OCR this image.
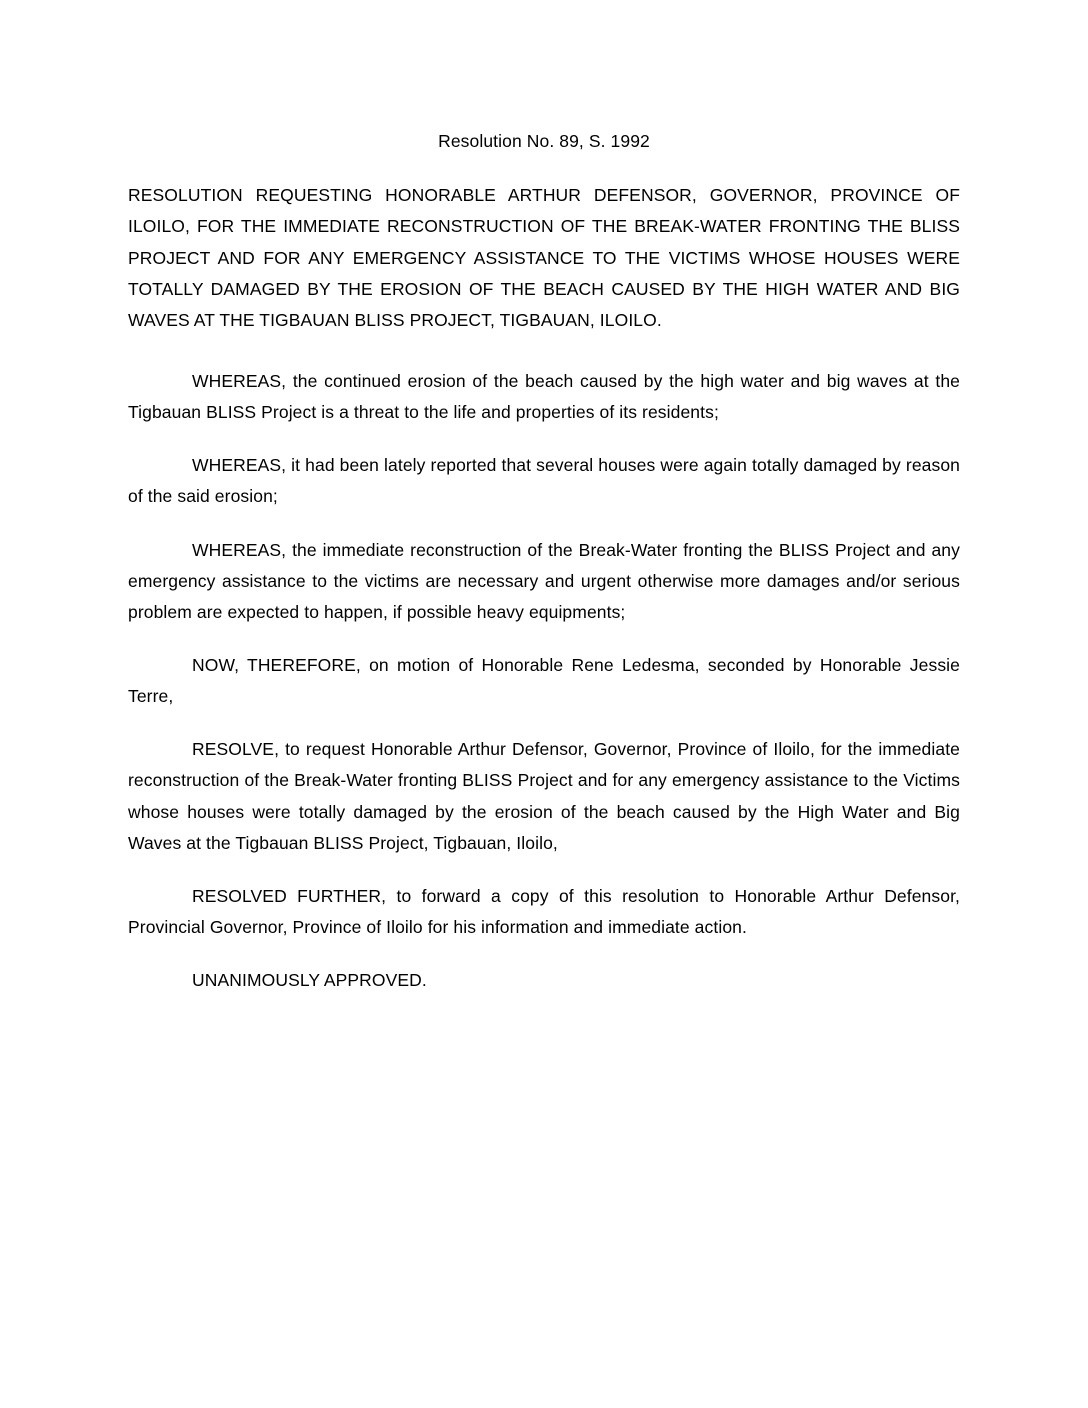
Resolution No. 89, S. 1992
RESOLUTION REQUESTING HONORABLE ARTHUR DEFENSOR, GOVERNOR, PROVINCE OF ILOILO, FOR THE IMMEDIATE RECONSTRUCTION OF THE BREAK-WATER FRONTING THE BLISS PROJECT AND FOR ANY EMERGENCY ASSISTANCE TO THE VICTIMS WHOSE HOUSES WERE TOTALLY DAMAGED BY THE EROSION OF THE BEACH CAUSED BY THE HIGH WATER AND BIG WAVES AT THE TIGBAUAN BLISS PROJECT, TIGBAUAN, ILOILO.

WHEREAS, the continued erosion of the beach caused by the high water and big waves at the Tigbauan BLISS Project is a threat to the life and properties of its residents;

WHEREAS, it had been lately reported that several houses were again totally damaged by reason of the said erosion;

WHEREAS, the immediate reconstruction of the Break-Water fronting the BLISS Project and any emergency assistance to the victims are necessary and urgent otherwise more damages and/or serious problem are expected to happen, if possible heavy equipments;

NOW, THEREFORE, on motion of Honorable Rene Ledesma, seconded by Honorable Jessie Terre,

RESOLVE, to request Honorable Arthur Defensor, Governor, Province of Iloilo, for the immediate reconstruction of the Break-Water fronting BLISS Project and for any emergency assistance to the Victims whose houses were totally damaged by the erosion of the beach caused by the High Water and Big Waves at the Tigbauan BLISS Project, Tigbauan, Iloilo,

RESOLVED FURTHER, to forward a copy of this resolution to Honorable Arthur Defensor, Provincial Governor, Province of Iloilo for his information and immediate action.

UNANIMOUSLY APPROVED.
